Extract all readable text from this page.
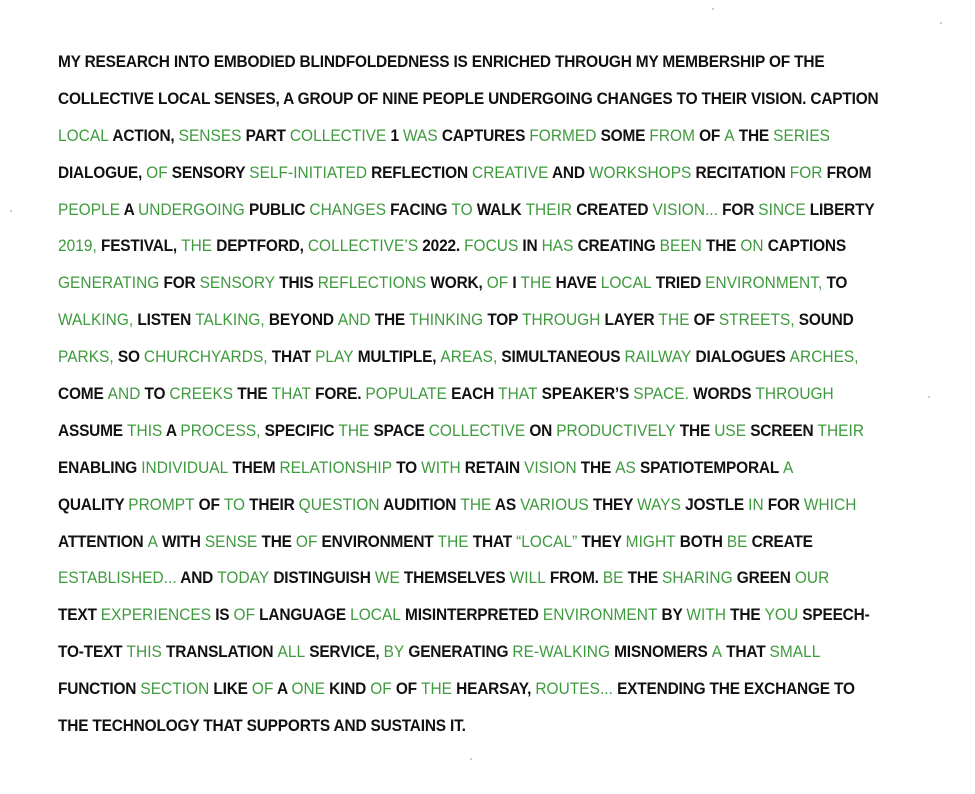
MY RESEARCH INTO EMBODIED BLINDFOLDEDNESS IS ENRICHED THROUGH MY MEMBERSHIP OF THE
COLLECTIVE LOCAL SENSES, A GROUP OF NINE PEOPLE UNDERGOING CHANGES TO THEIR VISION. CAPTION
LOCAL ACTION, SENSES PART COLLECTIVE 1 WAS CAPTURES FORMED SOME FROM OF A THE SERIES
DIALOGUE, OF SENSORY SELF-INITIATED REFLECTION CREATIVE AND WORKSHOPS RECITATION FOR FROM
PEOPLE A UNDERGOING PUBLIC CHANGES FACING TO WALK THEIR CREATED VISION... FOR SINCE LIBERTY
2019, FESTIVAL, THE DEPTFORD, COLLECTIVE’S 2022. FOCUS IN HAS CREATING BEEN THE ON CAPTIONS
GENERATING FOR SENSORY THIS REFLECTIONS WORK, OF I THE HAVE LOCAL TRIED ENVIRONMENT, TO
WALKING, LISTEN TALKING, BEYOND AND THE THINKING TOP THROUGH LAYER THE OF STREETS, SOUND
PARKS, SO CHURCHYARDS, THAT PLAY MULTIPLE, AREAS, SIMULTANEOUS RAILWAY DIALOGUES ARCHES,
COME AND TO CREEKS THE THAT FORE. POPULATE EACH THAT SPEAKER’S SPACE. WORDS THROUGH
ASSUME THIS A PROCESS, SPECIFIC THE SPACE COLLECTIVE ON PRODUCTIVELY THE USE SCREEN THEIR
ENABLING INDIVIDUAL THEM RELATIONSHIP TO WITH RETAIN VISION THE AS SPATIOTEMPORAL A
QUALITY PROMPT OF TO THEIR QUESTION AUDITION THE AS VARIOUS THEY WAYS JOSTLE IN FOR WHICH
ATTENTION A WITH SENSE THE OF ENVIRONMENT THE THAT “LOCAL” THEY MIGHT BOTH BE CREATE
ESTABLISHED... AND TODAY DISTINGUISH WE THEMSELVES WILL FROM. BE THE SHARING GREEN OUR
TEXT EXPERIENCES IS OF LANGUAGE LOCAL MISINTERPRETED ENVIRONMENT BY WITH THE YOU SPEECH-
TO-TEXT THIS TRANSLATION ALL SERVICE, BY GENERATING RE-WALKING MISNOMERS A THAT SMALL
FUNCTION SECTION LIKE OF A ONE KIND OF OF THE HEARSAY, ROUTES... EXTENDING THE EXCHANGE TO
THE TECHNOLOGY THAT SUPPORTS AND SUSTAINS IT.
